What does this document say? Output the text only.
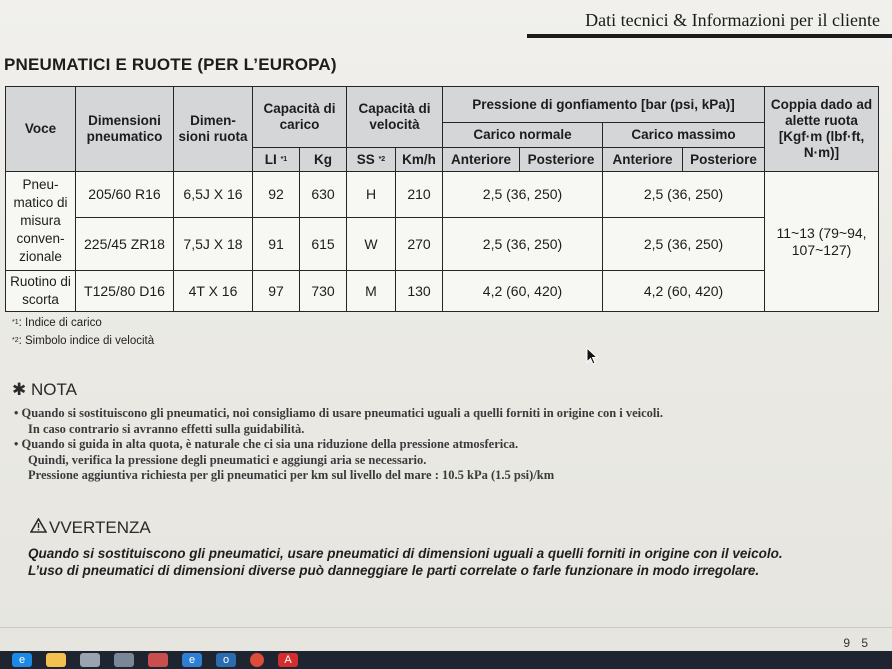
Dati tecnici & Informazioni per il cliente
PNEUMATICI E RUOTE (PER L’EUROPA)
Voce	Dimensioni pneumatico	Dimen-sioni ruota	Capacità di carico		Capacità di velocità		Pressione di gonfiamento [bar (psi, kPa)]				Coppia dado ad alette ruota [Kgf·m (lbf·ft, N·m)]
							Carico normale		Carico massimo		
			LI $^{*1}$	Kg	SS $^{*2}$	Km/h	Anteriore	Posteriore	Anteriore	Posteriore	
Pneu-matico di misura conven-zionale	205/60 R16	6,5J X 16	92	630	H	210	2,5 (36, 250)		2,5 (36, 250)		11~13 (79~94, 107~127)
	225/45 ZR18	7,5J X 18	91	615	W	270	2,5 (36, 250)		2,5 (36, 250)		
Ruotino di scorta	T125/80 D16	4T X 16	97	730	M	130	4,2 (60, 420)		4,2 (60, 420)		
$^{*1}$: Indice di carico
$^{*2}$: Simbolo indice di velocità
✱ NOTA
• Quando si sostituiscono gli pneumatici, noi consigliamo di usare pneumatici uguali a quelli forniti in origine con i veicoli.
In caso contrario si avranno effetti sulla guidabilità.
• Quando si guida in alta quota, è naturale che ci sia una riduzione della pressione atmosferica.
Quindi, verifica la pressione degli pneumatici e aggiungi aria se necessario.
Pressione aggiuntiva richiesta per gli pneumatici per km sul livello del mare : 10.5 kPa (1.5 psi)/km
VVERTENZA
Quando si sostituiscono gli pneumatici, usare pneumatici di dimensioni uguali a quelli forniti in origine con il veicolo.
L’uso di pneumatici di dimensioni diverse può danneggiare le parti correlate o farle funzionare in modo irregolare.
9 5
e	e	o	A
